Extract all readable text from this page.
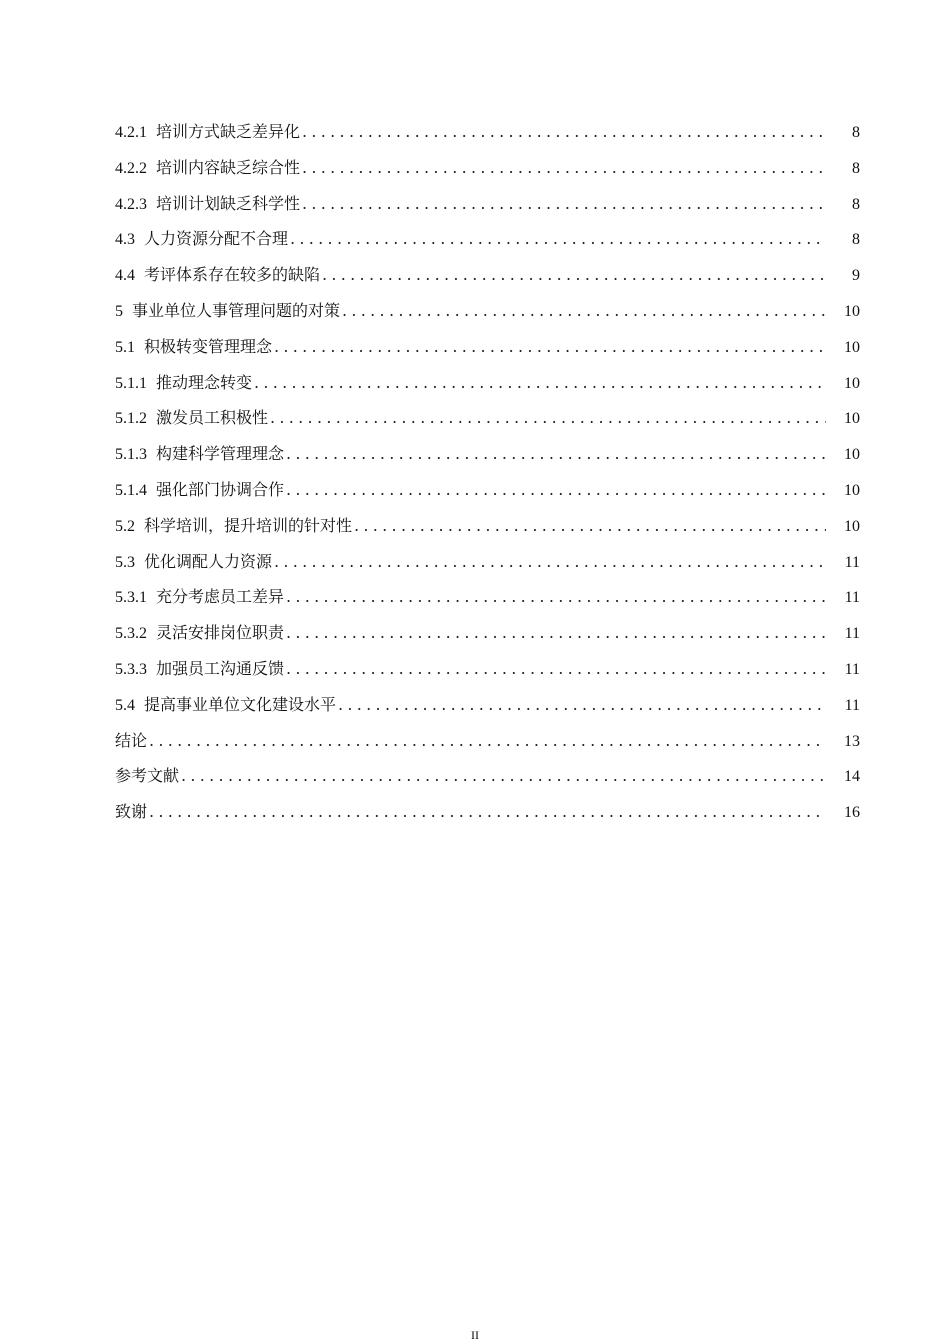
4.2.1 培训方式缺乏差异化 .....	8
4.2.2 培训内容缺乏综合性 .....	8
4.2.3 培训计划缺乏科学性 .....	8
4.3 人力资源分配不合理 .....	8
4.4 考评体系存在较多的缺陷 .....	9
5 事业单位人事管理问题的对策 .....	10
5.1 积极转变管理理念 .....	10
5.1.1 推动理念转变 .....	10
5.1.2 激发员工积极性 .....	10
5.1.3 构建科学管理理念 .....	10
5.1.4 强化部门协调合作 .....	10
5.2 科学培训，提升培训的针对性 .....	10
5.3 优化调配人力资源 .....	11
5.3.1 充分考虑员工差异 .....	11
5.3.2 灵活安排岗位职责 .....	11
5.3.3 加强员工沟通反馈 .....	11
5.4 提高事业单位文化建设水平 .....	11
结论 .....	13
参考文献 .....	14
致谢 .....	16
II
